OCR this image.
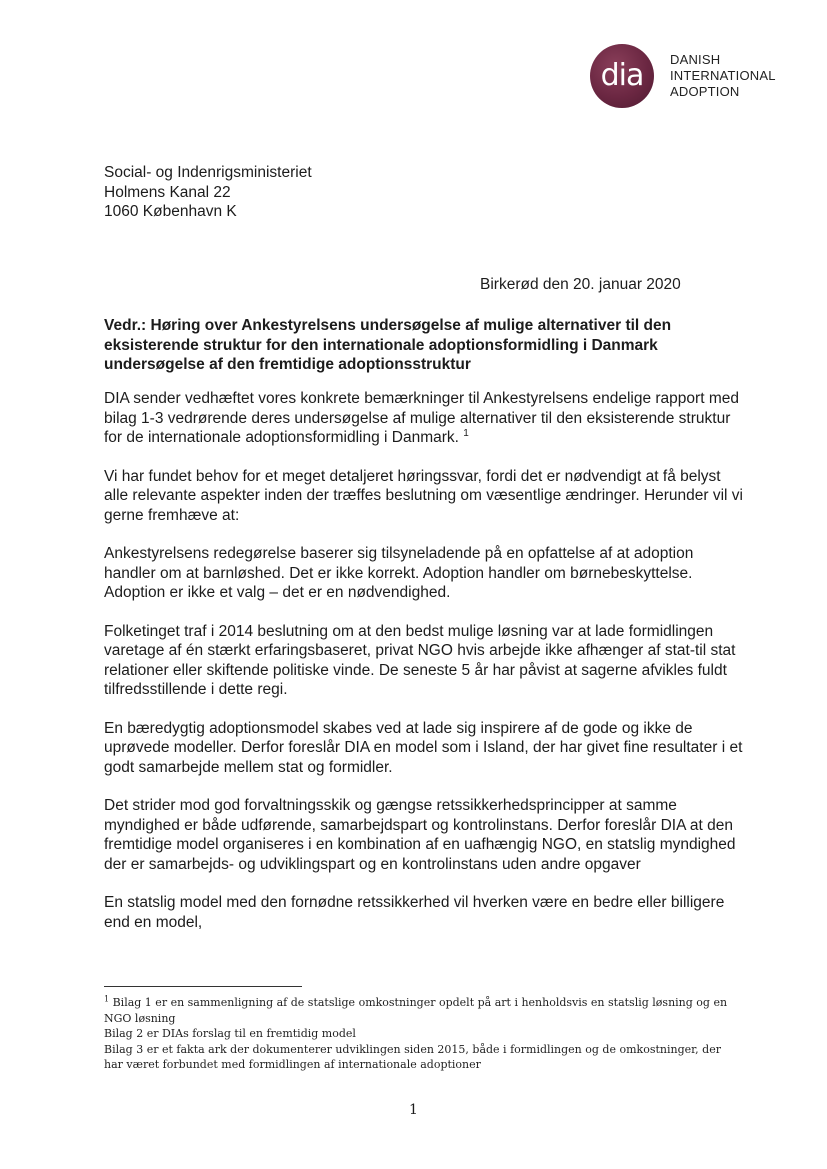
dia	DANISH
INTERNATIONAL
ADOPTION
Social- og Indenrigsministeriet
Holmens Kanal 22
1060 København K
Birkerød den 20. januar 2020
Vedr.: Høring over Ankestyrelsens undersøgelse af mulige alternativer til den eksisterende struktur for den internationale adoptionsformidling i Danmark undersøgelse af den fremtidige adoptionsstruktur

DIA sender vedhæftet vores konkrete bemærkninger til Ankestyrelsens endelige rapport med bilag 1-3 vedrørende deres undersøgelse af mulige alternativer til den eksisterende struktur for de internationale adoptionsformidling i Danmark. $^1$

Vi har fundet behov for et meget detaljeret høringssvar, fordi det er nødvendigt at få belyst alle relevante aspekter inden der træffes beslutning om væsentlige ændringer. Herunder vil vi gerne fremhæve at:

Ankestyrelsens redegørelse baserer sig tilsyneladende på en opfattelse af at adoption handler om at barnløshed. Det er ikke korrekt. Adoption handler om børnebeskyttelse. Adoption er ikke et valg – det er en nødvendighed.

Folketinget traf i 2014 beslutning om at den bedst mulige løsning var at lade formidlingen varetage af én stærkt erfaringsbaseret, privat NGO hvis arbejde ikke afhænger af stat-til stat relationer eller skiftende politiske vinde. De seneste 5 år har påvist at sagerne afvikles fuldt tilfredsstillende i dette regi.

En bæredygtig adoptionsmodel skabes ved at lade sig inspirere af de gode og ikke de uprøvede modeller. Derfor foreslår DIA en model som i Island, der har givet fine resultater i et godt samarbejde mellem stat og formidler.

Det strider mod god forvaltningsskik og gængse retssikkerhedsprincipper at samme myndighed er både udførende, samarbejdspart og kontrolinstans. Derfor foreslår DIA at den fremtidige model organiseres i en kombination af en uafhængig NGO, en statslig myndighed der er samarbejds- og udviklingspart og en kontrolinstans uden andre opgaver

En statslig model med den fornødne retssikkerhed vil hverken være en bedre eller billigere end en model,

$^1$ Bilag 1 er en sammenligning af de statslige omkostninger opdelt på art i henholdsvis en statslig løsning og en NGO løsning
Bilag 2 er DIAs forslag til en fremtidig model
Bilag 3 er et fakta ark der dokumenterer udviklingen siden 2015, både i formidlingen og de omkostninger, der har været forbundet med formidlingen af internationale adoptioner
1
